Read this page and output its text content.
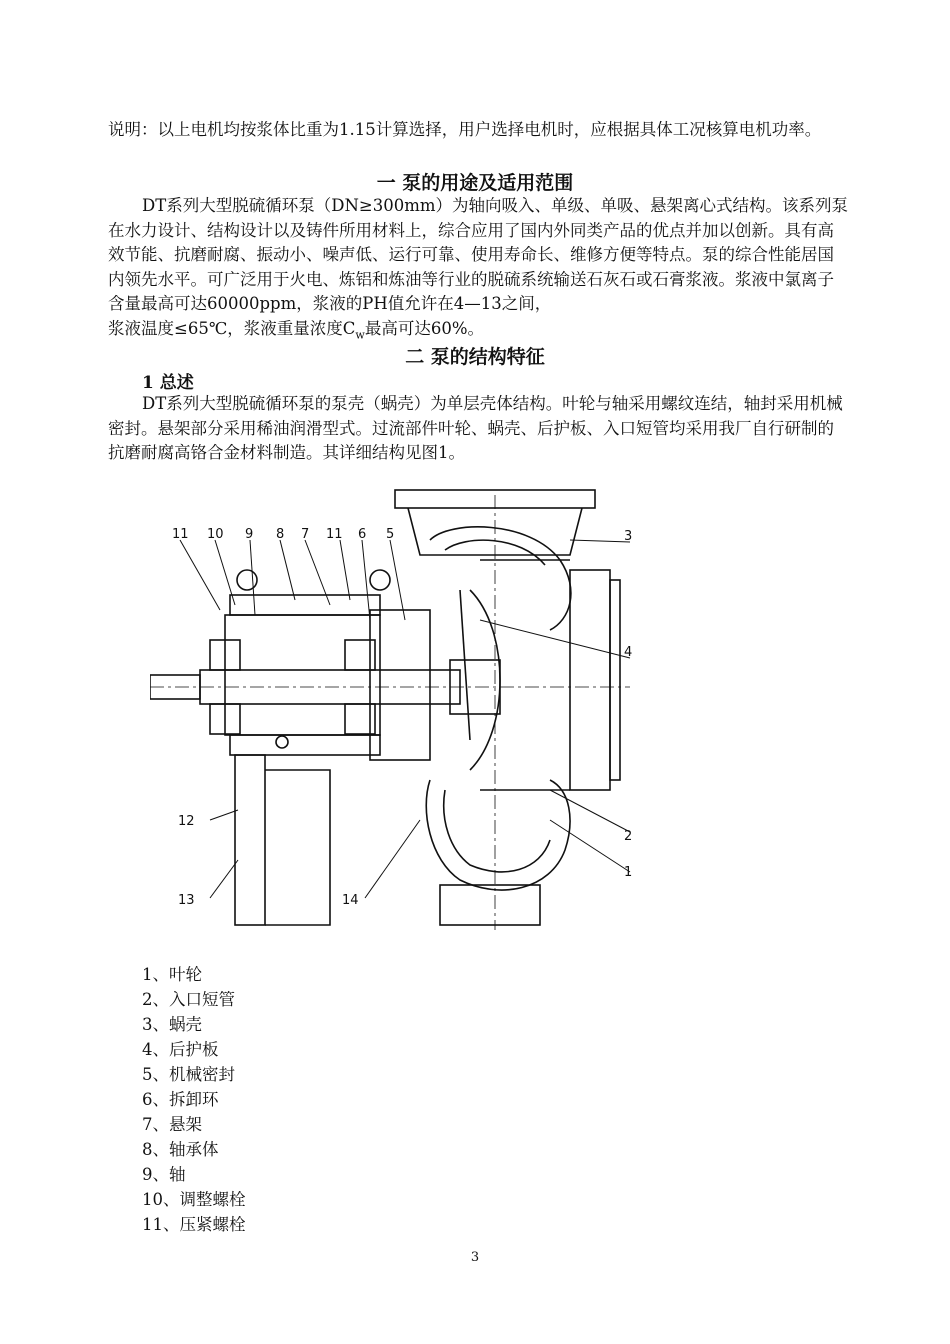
说明：以上电机均按浆体比重为1.15计算选择，用户选择电机时，应根据具体工况核算电机功率。

一 泵的用途及适用范围

DT系列大型脱硫循环泵（DN≥300mm）为轴向吸入、单级、单吸、悬架离心式结构。该系列泵在水力设计、结构设计以及铸件所用材料上，综合应用了国内外同类产品的优点并加以创新。具有高效节能、抗磨耐腐、振动小、噪声低、运行可靠、使用寿命长、维修方便等特点。泵的综合性能居国内领先水平。可广泛用于火电、炼铝和炼油等行业的脱硫系统输送石灰石或石膏浆液。浆液中氯离子含量最高可达60000ppm，浆液的PH值允许在4—13之间，
浆液温度≤65℃，浆液重量浓度$C_w$最高可达60%。

二 泵的结构特征
1 总述

DT系列大型脱硫循环泵的泵壳（蜗壳）为单层壳体结构。叶轮与轴采用螺纹连结，轴封采用机械密封。悬架部分采用稀油润滑型式。过流部件叶轮、蜗壳、后护板、入口短管均采用我厂自行研制的抗磨耐腐高铬合金材料制造。其详细结构见图1。

11 10 9 8 7 11 6 5	3
4
2
1
12
13	14
1、叶轮
2、入口短管
3、蜗壳
4、后护板
5、机械密封
6、拆卸环
7、悬架
8、轴承体
9、轴
10、调整螺栓
11、压紧螺栓
3
